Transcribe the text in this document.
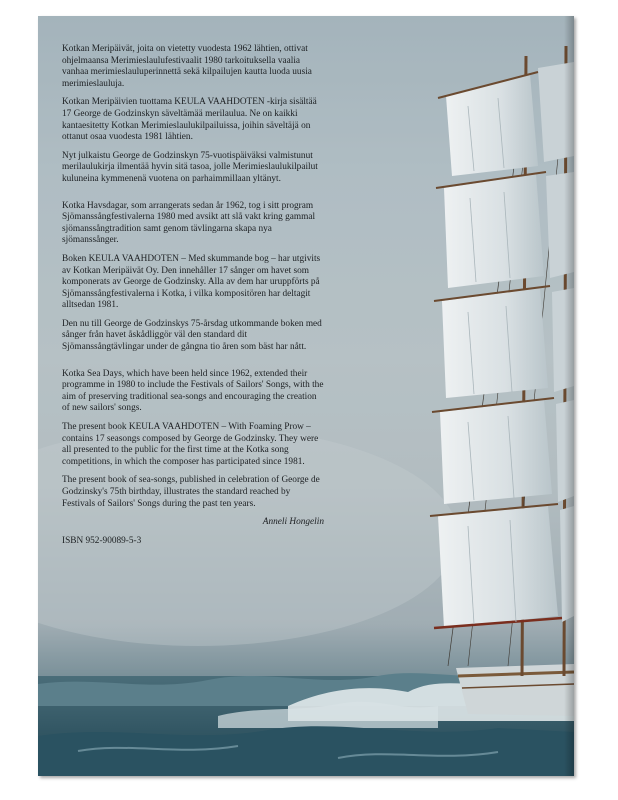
Kotkan Meripäivät, joita on vietetty vuodesta 1962 lähtien, ottivat ohjelmaansa Merimieslaulufestivaalit 1980 tarkoituksella vaalia vanhaa merimieslauluperinnettä sekä kilpailujen kautta luoda uusia merimieslauluja.

Kotkan Meripäivien tuottama KEULA VAAHDOTEN -kirja sisältää 17 George de Godzinskyn säveltämää merilaulua. Ne on kaikki kantaesitetty Kotkan Merimieslaulukilpailuissa, joihin säveltäjä on ottanut osaa vuodesta 1981 lähtien.

Nyt julkaistu George de Godzinskyn 75-vuotispäiväksi valmistunut merilaulukirja ilmentää hyvin sitä tasoa, jolle Merimieslaulukilpailut kuluneina kymmenenä vuotena on parhaimmillaan yltänyt.

Kotka Havsdagar, som arrangerats sedan år 1962, tog i sitt program Sjömanssångfestivalerna 1980 med avsikt att slå vakt kring gammal sjömanssångtradition samt genom tävlingarna skapa nya sjömanssånger.

Boken KEULA VAAHDOTEN – Med skummande bog – har utgivits av Kotkan Meripäivät Oy. Den innehåller 17 sånger om havet som komponerats av George de Godzinsky. Alla av dem har uruppförts på Sjömanssångfestivalerna i Kotka, i vilka kompositören har deltagit alltsedan 1981.

Den nu till George de Godzinskys 75-årsdag utkommande boken med sånger från havet åskådliggör väl den standard dit Sjömanssångtävlingar under de gångna tio åren som bäst har nått.

Kotka Sea Days, which have been held since 1962, extended their programme in 1980 to include the Festivals of Sailors' Songs, with the aim of preserving traditional sea-songs and encouraging the creation of new sailors' songs.

The present book KEULA VAAHDOTEN – With Foaming Prow – contains 17 seasongs composed by George de Godzinsky. They were all presented to the public for the first time at the Kotka song competitions, in which the composer has participated since 1981.

The present book of sea-songs, published in celebration of George de Godzinsky's 75th birthday, illustrates the standard reached by Festivals of Sailors' Songs during the past ten years.

Anneli Hongelin

ISBN 952-90089-5-3
